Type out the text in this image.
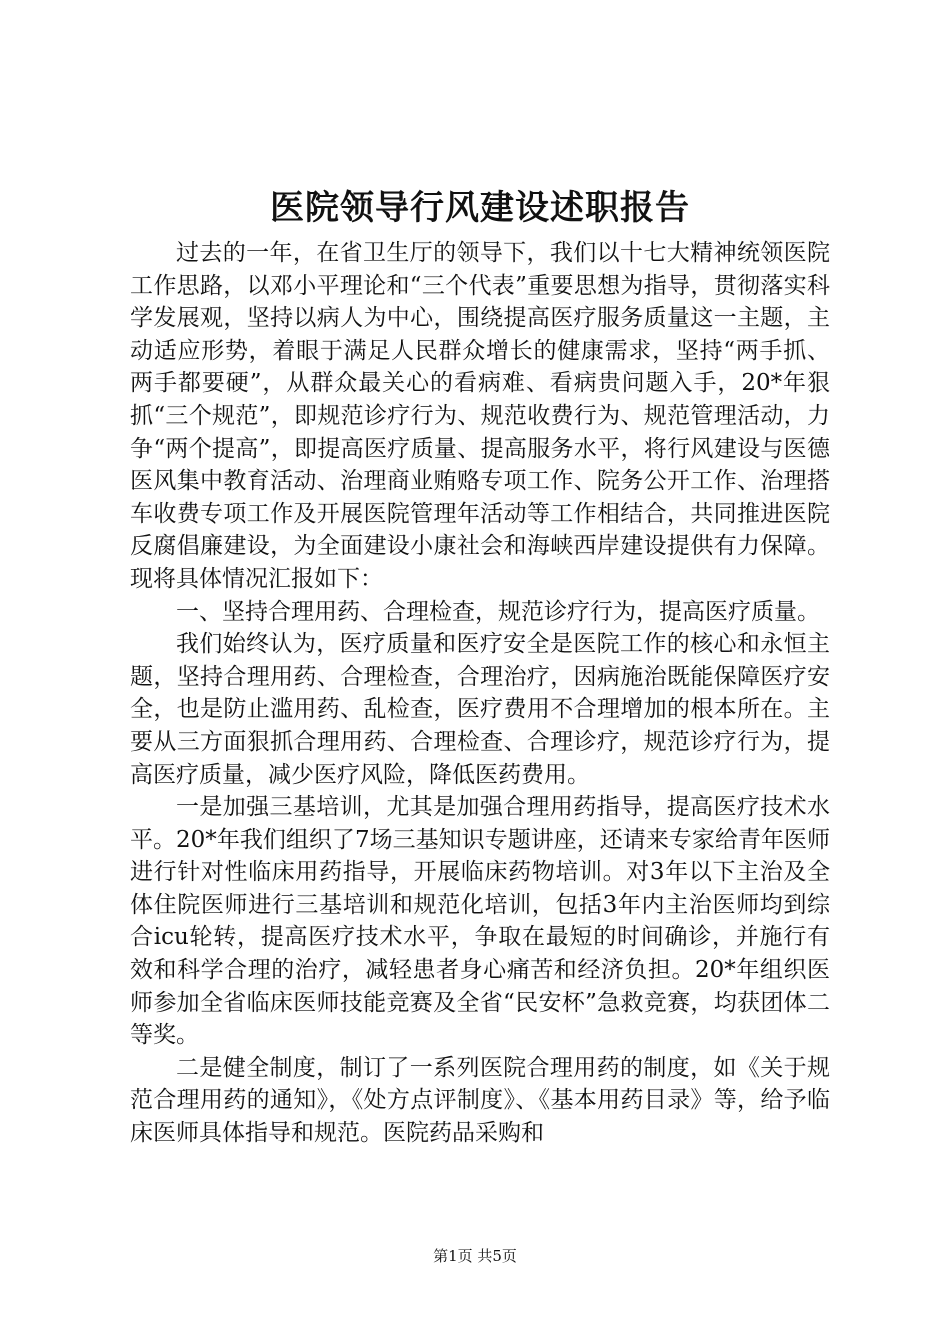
医院领导行风建设述职报告

过去的一年，在省卫生厅的领导下，我们以十七大精神统领医院工作思路，以邓小平理论和“三个代表”重要思想为指导，贯彻落实科学发展观，坚持以病人为中心，围绕提高医疗服务质量这一主题，主动适应形势，着眼于满足人民群众增长的健康需求，坚持“两手抓、两手都要硬”，从群众最关心的看病难、看病贵问题入手，20*年狠抓“三个规范”，即规范诊疗行为、规范收费行为、规范管理活动，力争“两个提高”，即提高医疗质量、提高服务水平，将行风建设与医德医风集中教育活动、治理商业贿赂专项工作、院务公开工作、治理搭车收费专项工作及开展医院管理年活动等工作相结合，共同推进医院反腐倡廉建设，为全面建设小康社会和海峡西岸建设提供有力保障。现将具体情况汇报如下：

一、坚持合理用药、合理检查，规范诊疗行为，提高医疗质量。

我们始终认为，医疗质量和医疗安全是医院工作的核心和永恒主题，坚持合理用药、合理检查，合理治疗，因病施治既能保障医疗安全，也是防止滥用药、乱检查，医疗费用不合理增加的根本所在。主要从三方面狠抓合理用药、合理检查、合理诊疗，规范诊疗行为，提高医疗质量，减少医疗风险，降低医药费用。

一是加强三基培训，尤其是加强合理用药指导，提高医疗技术水平。20*年我们组织了7场三基知识专题讲座，还请来专家给青年医师进行针对性临床用药指导，开展临床药物培训。对3年以下主治及全体住院医师进行三基培训和规范化培训，包括3年内主治医师均到综合icu轮转，提高医疗技术水平，争取在最短的时间确诊，并施行有效和科学合理的治疗，减轻患者身心痛苦和经济负担。20*年组织医师参加全省临床医师技能竞赛及全省“民安杯”急救竞赛，均获团体二等奖。

二是健全制度，制订了一系列医院合理用药的制度，如《关于规范合理用药的通知》，《处方点评制度》、《基本用药目录》等，给予临床医师具体指导和规范。医院药品采购和

第1页 共5页
